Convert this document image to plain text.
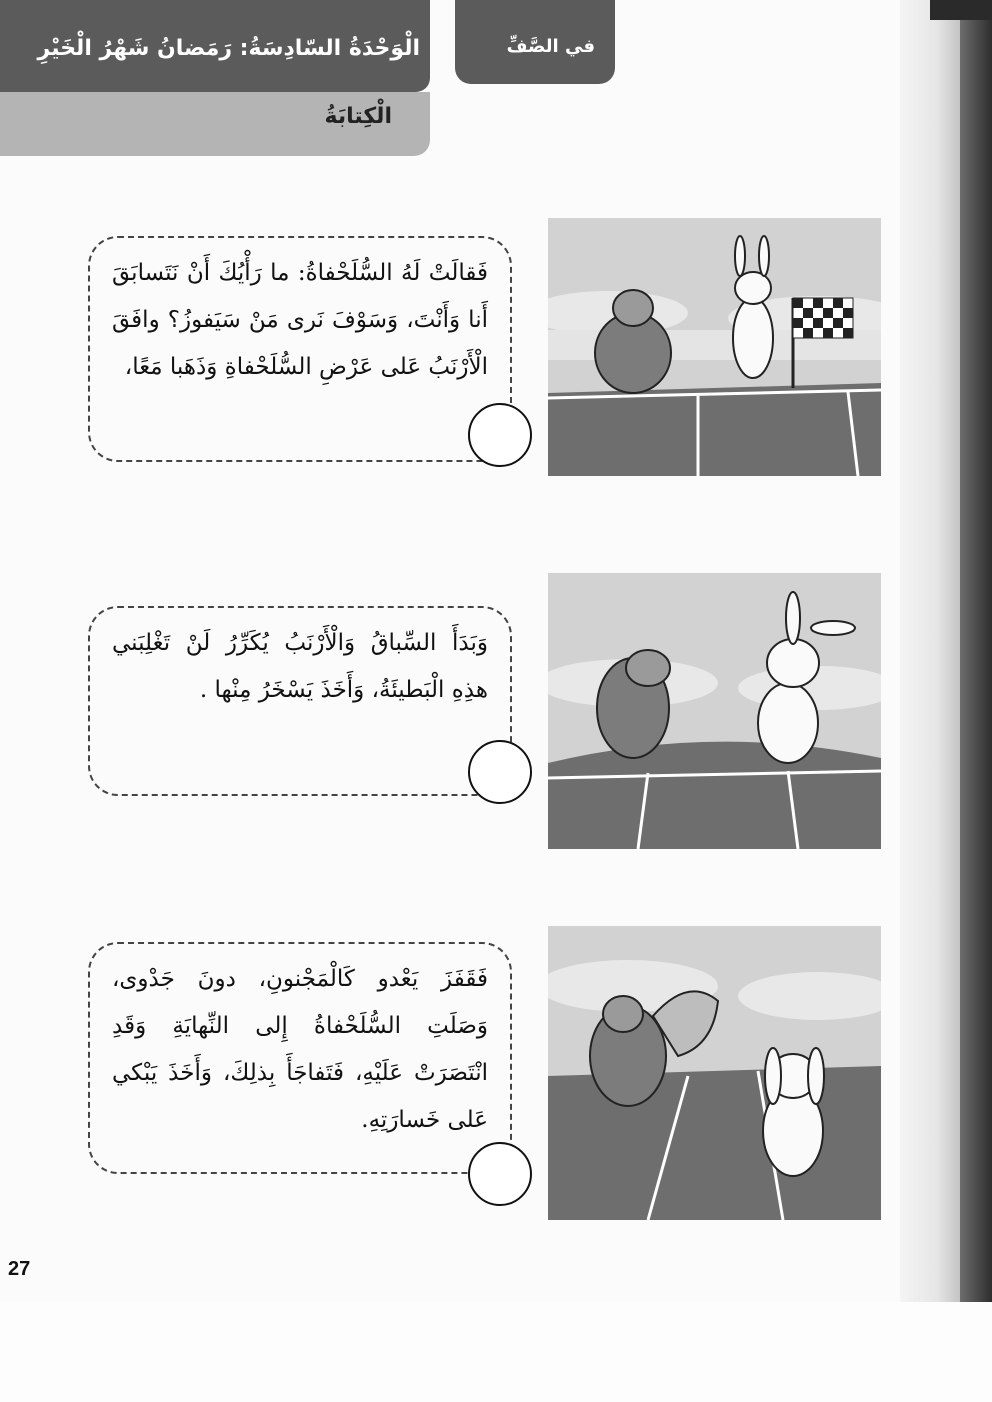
الْوَحْدَةُ السّادِسَةُ: رَمَضانُ شَهْرُ الْخَيْرِ
الْكِتابَةُ
في الصَّفِّ
فَقالَتْ لَهُ السُّلَحْفاةُ: ما رَأْيُكَ أَنْ نَتَسابَقَ أَنا وَأَنْتَ، وَسَوْفَ نَرى مَنْ سَيَفوزُ؟ وافَقَ الْأَرْنَبُ عَلى عَرْضِ السُّلَحْفاةِ وَذَهَبا مَعًا،
وَبَدَأَ السِّباقُ وَالْأَرْنَبُ يُكَرِّرُ لَنْ تَغْلِبَني هذِهِ الْبَطيئَةُ، وَأَخَذَ يَسْخَرُ مِنْها .
فَقَفَزَ يَعْدو كَالْمَجْنونِ، دونَ جَدْوى، وَصَلَتِ السُّلَحْفاةُ إِلى النِّهايَةِ وَقَدِ انْتَصَرَتْ عَلَيْهِ، فَتَفاجَأَ بِذلِكَ، وَأَخَذَ يَبْكي عَلى خَسارَتِهِ.
27
